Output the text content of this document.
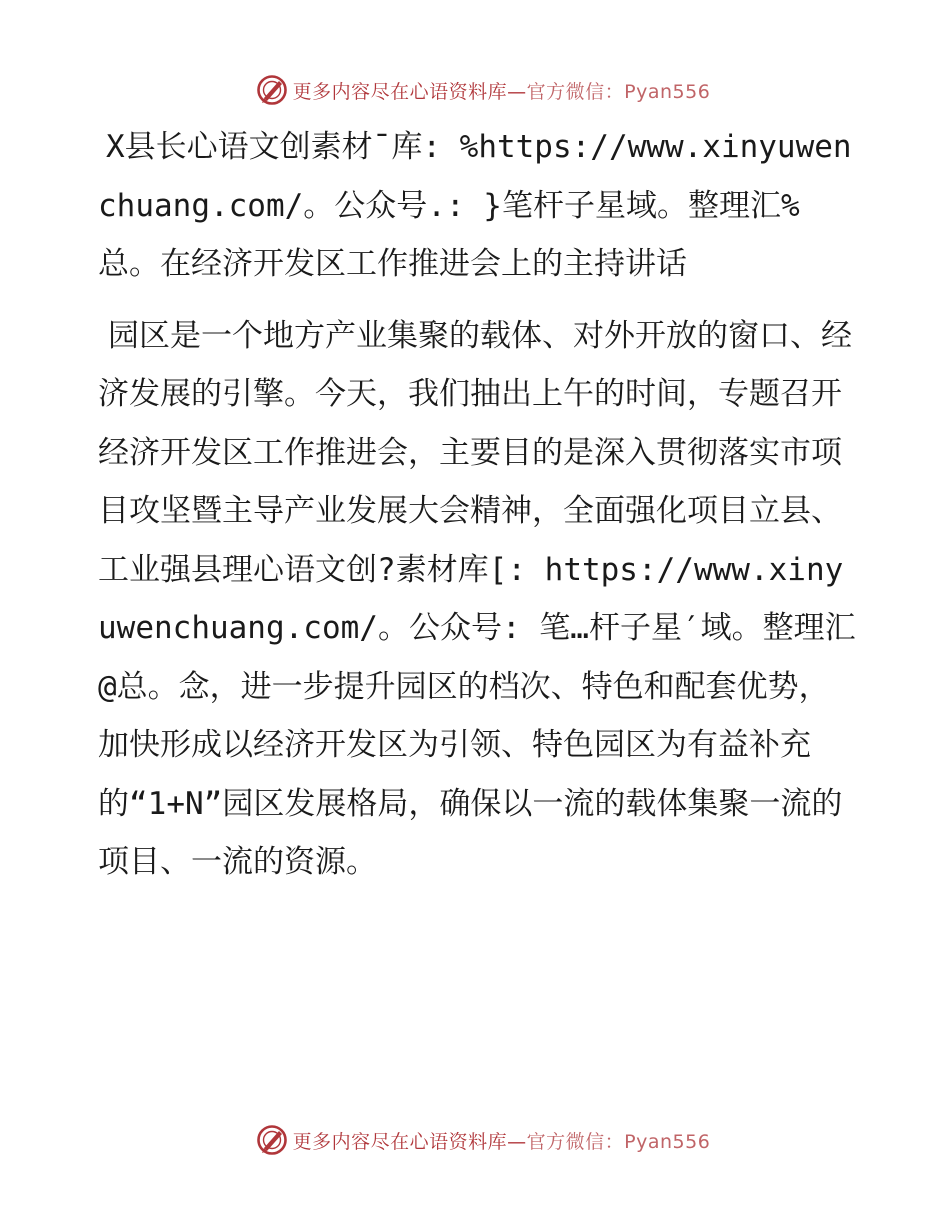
更多内容尽在心语资料库—官方微信：Pyan556

X县长心语文创素材¯库: %https://www.xinyuwenchuang.com/。公众号.: }笔杆子星域。整理汇%总。在经济开发区工作推进会上的主持讲话

园区是一个地方产业集聚的载体、对外开放的窗口、经济发展的引擎。今天，我们抽出上午的时间，专题召开经济开发区工作推进会，主要目的是深入贯彻落实市项目攻坚暨主导产业发展大会精神，全面强化项目立县、工业强县理心语文创?素材库[: https://www.xinyuwenchuang.com/。公众号: 笔…杆子星′域。整理汇@总。念，进一步提升园区的档次、特色和配套优势，加快形成以经济开发区为引领、特色园区为有益补充的“1+N”园区发展格局，确保以一流的载体集聚一流的项目、一流的资源。

更多内容尽在心语资料库—官方微信：Pyan556
